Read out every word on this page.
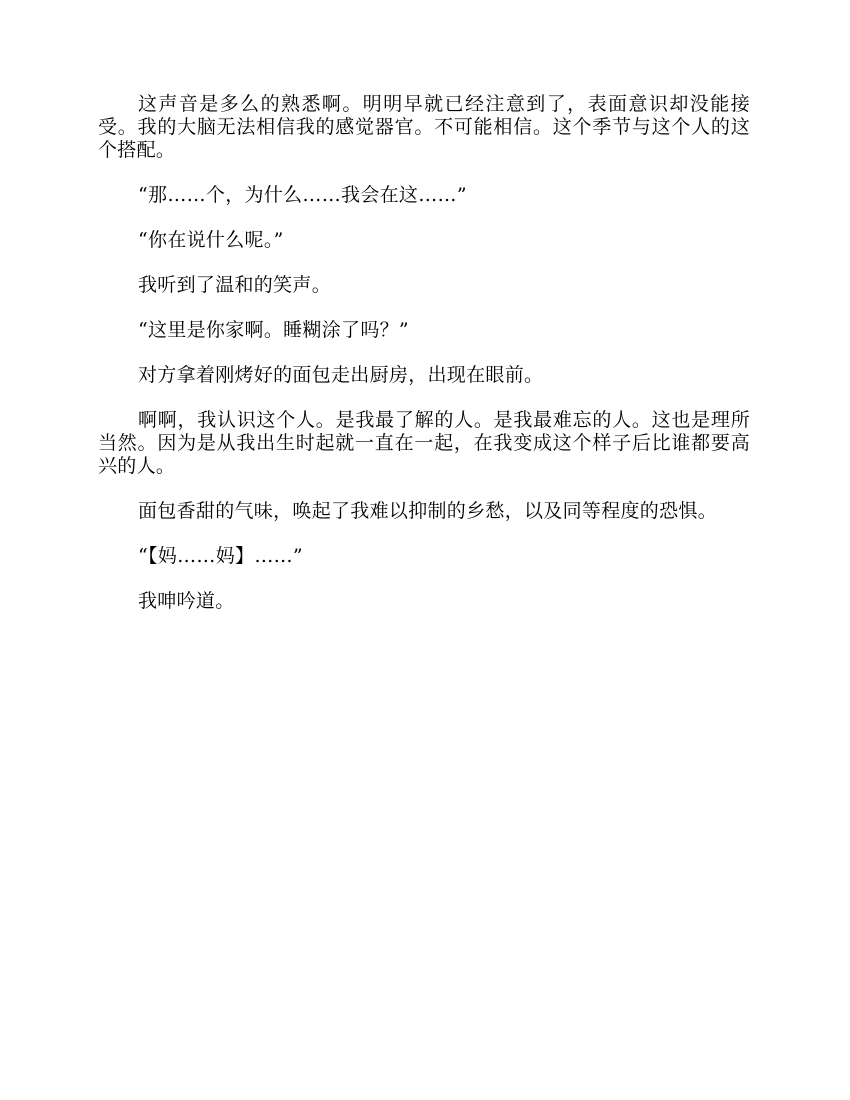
这声音是多么的熟悉啊。明明早就已经注意到了，表面意识却没能接受。我的大脑无法相信我的感觉器官。不可能相信。这个季节与这个人的这个搭配。

“那……个，为什么……我会在这……”

“你在说什么呢。”

我听到了温和的笑声。

“这里是你家啊。睡糊涂了吗？”

对方拿着刚烤好的面包走出厨房，出现在眼前。

啊啊，我认识这个人。是我最了解的人。是我最难忘的人。这也是理所当然。因为是从我出生时起就一直在一起，在我变成这个样子后比谁都要高兴的人。

面包香甜的气味，唤起了我难以抑制的乡愁，以及同等程度的恐惧。

“【妈……妈】……”

我呻吟道。
